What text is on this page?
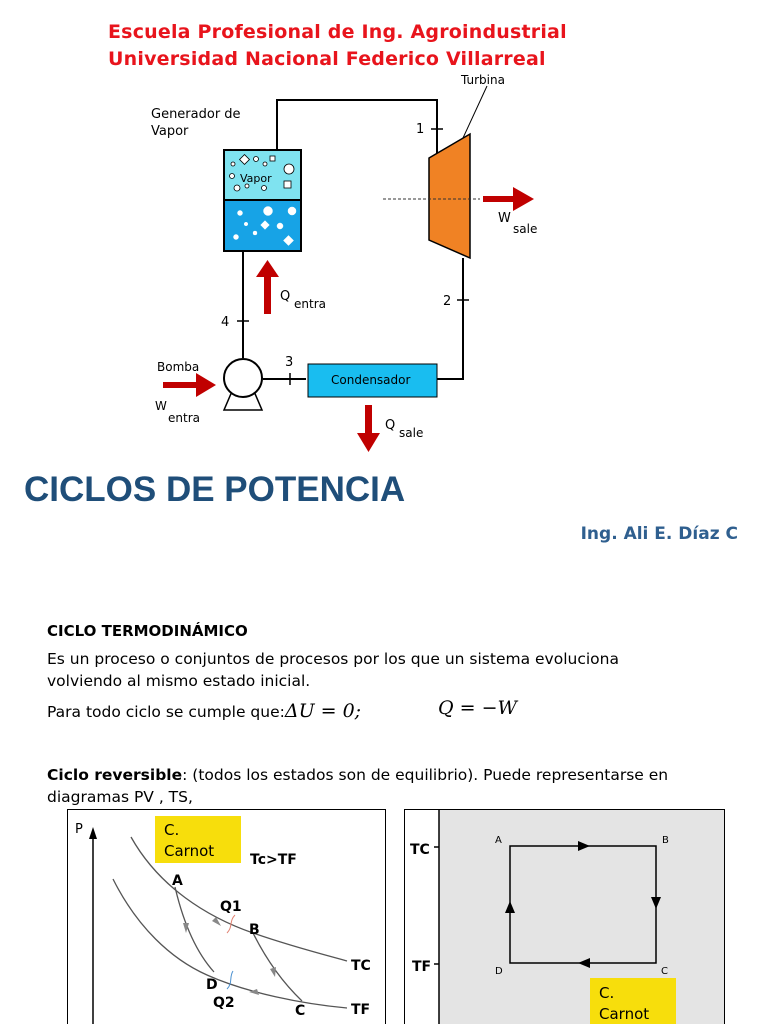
Escuela Profesional de Ing. Agroindustrial
Universidad Nacional Federico Villarreal
1
2
3
4
Vapor
Generador de
Vapor
Turbina
W
sale
Q entra
Condensador
Q sale
Bomba
W
entra
CICLOS DE POTENCIA
Ing. Ali E. Díaz C
CICLO TERMODINÁMICO
Es un proceso o conjuntos de procesos por los que un sistema evoluciona
volviendo al mismo estado inicial.
Para todo ciclo se cumple que:ΔU = 0;	Q = −W
Ciclo reversible: (todos los estados son de equilibrio). Puede representarse en
diagramas PV , TS,
P	C.
Carnot	Tc>TF
A
B
C
D
Q1
Q2
TC
TF
TC
TF
A	B
C
D
C.
Carnot
